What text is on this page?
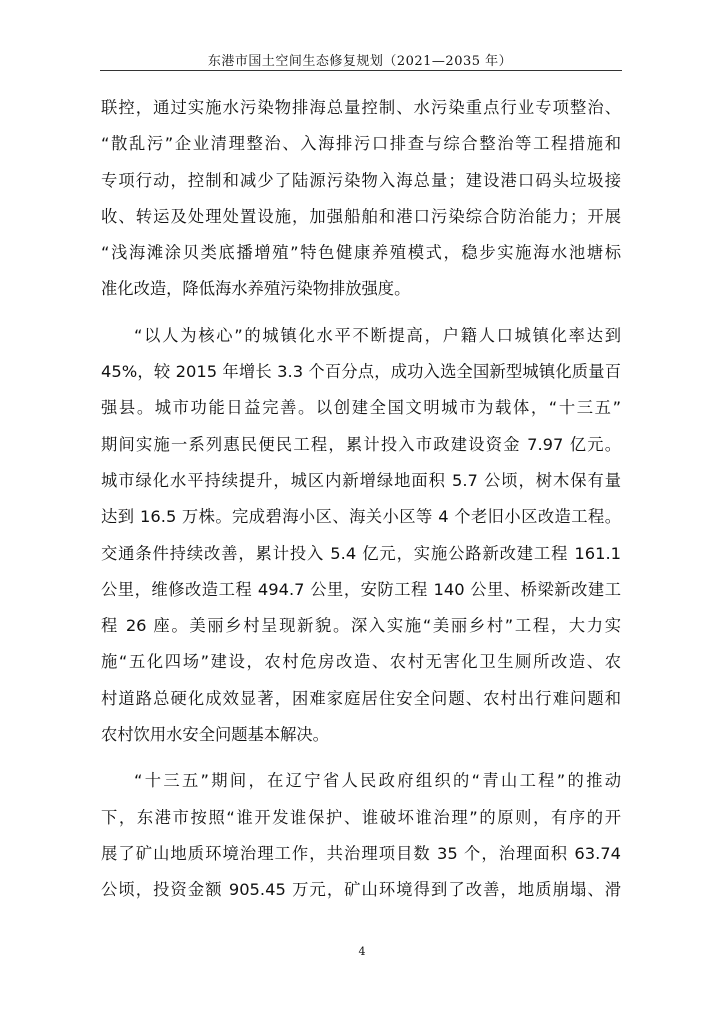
东港市国土空间生态修复规划（2021—2035 年）
联控，通过实施水污染物排海总量控制、水污染重点行业专项整治、
“散乱污”企业清理整治、入海排污口排查与综合整治等工程措施和
专项行动，控制和减少了陆源污染物入海总量；建设港口码头垃圾接
收、转运及处理处置设施，加强船舶和港口污染综合防治能力；开展
“浅海滩涂贝类底播增殖”特色健康养殖模式，稳步实施海水池塘标
准化改造，降低海水养殖污染物排放强度。
“以人为核心”的城镇化水平不断提高，户籍人口城镇化率达到
45%，较 2015 年增长 3.3 个百分点，成功入选全国新型城镇化质量百
强县。城市功能日益完善。以创建全国文明城市为载体，“十三五”
期间实施一系列惠民便民工程，累计投入市政建设资金 7.97 亿元。
城市绿化水平持续提升，城区内新增绿地面积 5.7 公顷，树木保有量
达到 16.5 万株。完成碧海小区、海关小区等 4 个老旧小区改造工程。
交通条件持续改善，累计投入 5.4 亿元，实施公路新改建工程 161.1
公里，维修改造工程 494.7 公里，安防工程 140 公里、桥梁新改建工
程 26 座。美丽乡村呈现新貌。深入实施“美丽乡村”工程，大力实
施“五化四场”建设，农村危房改造、农村无害化卫生厕所改造、农
村道路总硬化成效显著，困难家庭居住安全问题、农村出行难问题和
农村饮用水安全问题基本解决。
“十三五”期间，在辽宁省人民政府组织的“青山工程”的推动
下，东港市按照“谁开发谁保护、谁破坏谁治理”的原则，有序的开
展了矿山地质环境治理工作，共治理项目数 35 个，治理面积 63.74
公顷，投资金额 905.45 万元，矿山环境得到了改善，地质崩塌、滑
4
